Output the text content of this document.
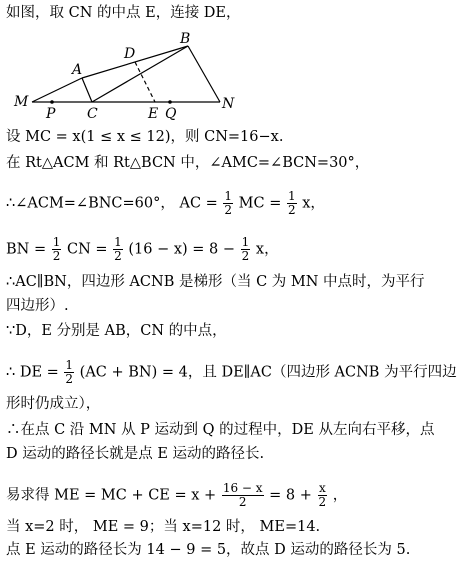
如图，取 CN 的中点 E，连接 DE，
M	N
P C	E Q
A
D
B
设 MC = x(1 ≤ x ≤ 12)，则 CN=16−x.
在 Rt△ACM 和 Rt△BCN 中，∠AMC=∠BCN=30°，
∴∠ACM=∠BNC=60°， AC = $\frac{1}{2}$ MC = $\frac{1}{2}$ x，
BN = $\frac{1}{2}$ CN = $\frac{1}{2} (16 - x) = 8 - \frac{1}{2}$ x，
∴AC∥BN，四边形 ACNB 是梯形（当 C 为 MN 中点时，为平行
四边形）.
∵D，E 分别是 AB，CN 的中点，
∴ DE = $\frac{1}{2} (AC + BN) = 4$，且 DE∥AC（四边形 ACNB 为平行四边
形时仍成立），
∴在点 C 沿 MN 从 P 运动到 Q 的过程中，DE 从左向右平移，点
D 运动的路径长就是点 E 运动的路径长.
易求得 ME = MC + CE = $x + \frac{16 - x}{2} = 8 + \frac{x}{2}$ ，
当 x=2 时， ME = 9；当 x=12 时， ME=14.
点 E 运动的路径长为 14 − 9 = 5，故点 D 运动的路径长为 5.
